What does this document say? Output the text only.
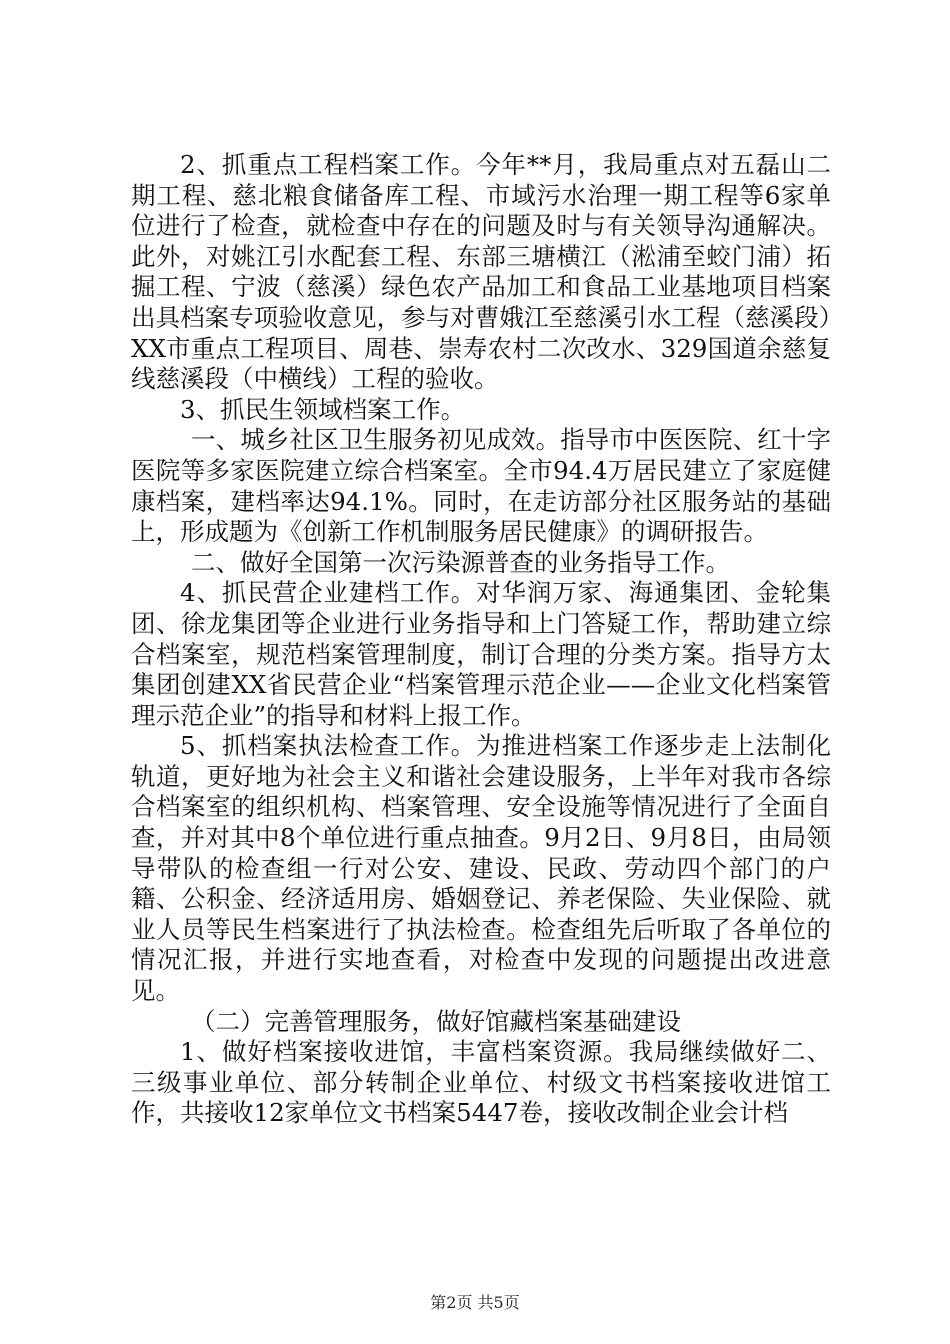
2、抓重点工程档案工作。今年**月，我局重点对五磊山二期工程、慈北粮食储备库工程、市域污水治理一期工程等6家单位进行了检查，就检查中存在的问题及时与有关领导沟通解决。此外，对姚江引水配套工程、东部三塘横江（淞浦至蛟门浦）拓掘工程、宁波（慈溪）绿色农产品加工和食品工业基地项目档案出具档案专项验收意见，参与对曹娥江至慈溪引水工程（慈溪段）XX市重点工程项目、周巷、崇寿农村二次改水、329国道余慈复线慈溪段（中横线）工程的验收。

3、抓民生领域档案工作。

一、城乡社区卫生服务初见成效。指导市中医医院、红十字医院等多家医院建立综合档案室。全市94.4万居民建立了家庭健康档案，建档率达94.1%。同时，在走访部分社区服务站的基础上，形成题为《创新工作机制服务居民健康》的调研报告。

二、做好全国第一次污染源普查的业务指导工作。

4、抓民营企业建档工作。对华润万家、海通集团、金轮集团、徐龙集团等企业进行业务指导和上门答疑工作，帮助建立综合档案室，规范档案管理制度，制订合理的分类方案。指导方太集团创建XX省民营企业“档案管理示范企业——企业文化档案管理示范企业”的指导和材料上报工作。

5、抓档案执法检查工作。为推进档案工作逐步走上法制化轨道，更好地为社会主义和谐社会建设服务，上半年对我市各综合档案室的组织机构、档案管理、安全设施等情况进行了全面自查，并对其中8个单位进行重点抽查。9月2日、9月8日，由局领导带队的检查组一行对公安、建设、民政、劳动四个部门的户籍、公积金、经济适用房、婚姻登记、养老保险、失业保险、就业人员等民生档案进行了执法检查。检查组先后听取了各单位的情况汇报，并进行实地查看，对检查中发现的问题提出改进意见。

（二）完善管理服务，做好馆藏档案基础建设

1、做好档案接收进馆，丰富档案资源。我局继续做好二、三级事业单位、部分转制企业单位、村级文书档案接收进馆工作，共接收12家单位文书档案5447卷，接收改制企业会计档

第2页 共5页
